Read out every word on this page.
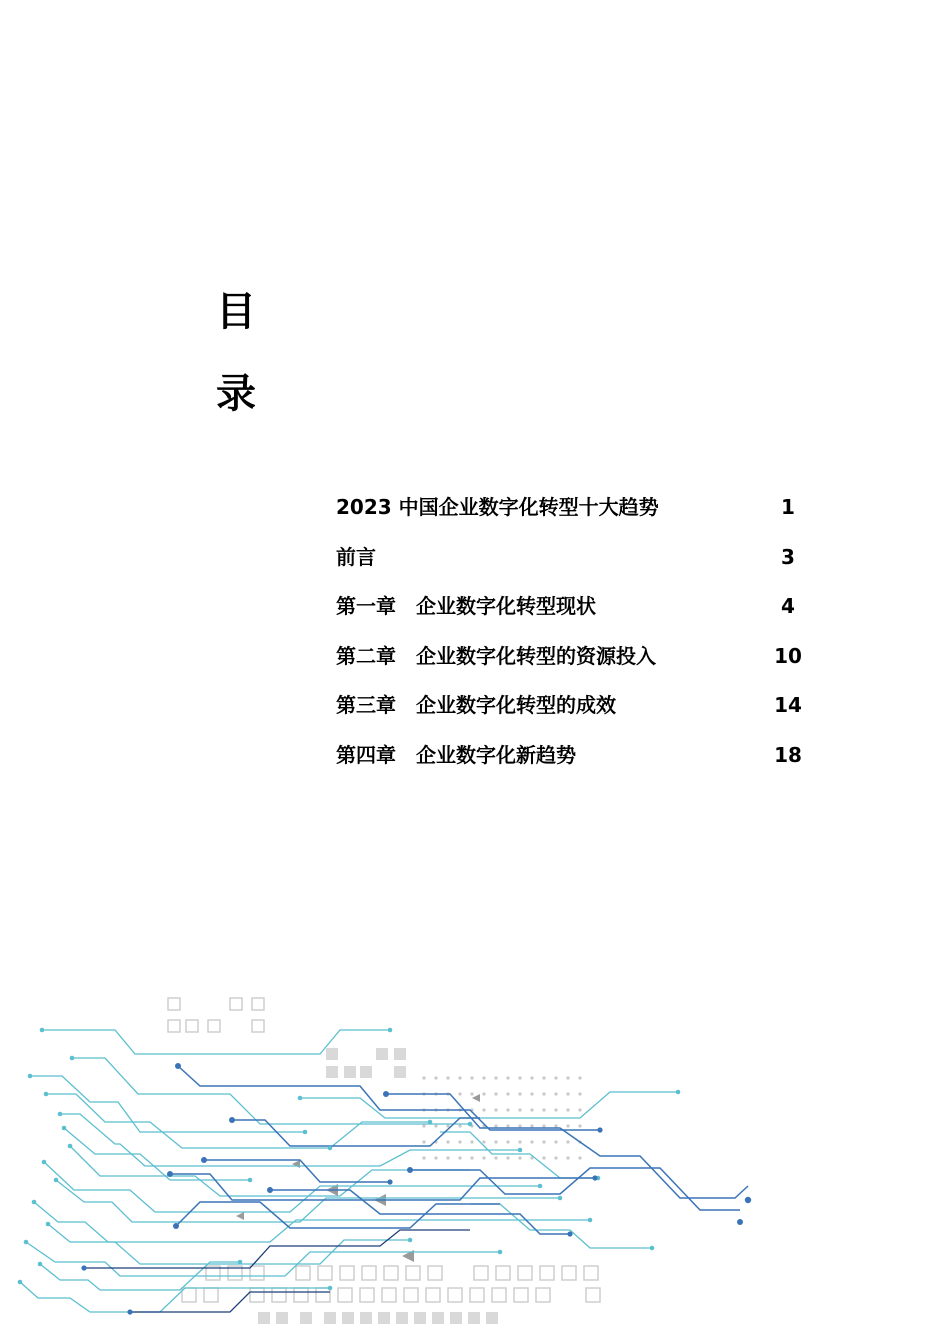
目
录
2023 中国企业数字化转型十大趋势	1
前言	3
第一章　企业数字化转型现状	4
第二章　企业数字化转型的资源投入	10
第三章　企业数字化转型的成效	14
第四章　企业数字化新趋势	18
